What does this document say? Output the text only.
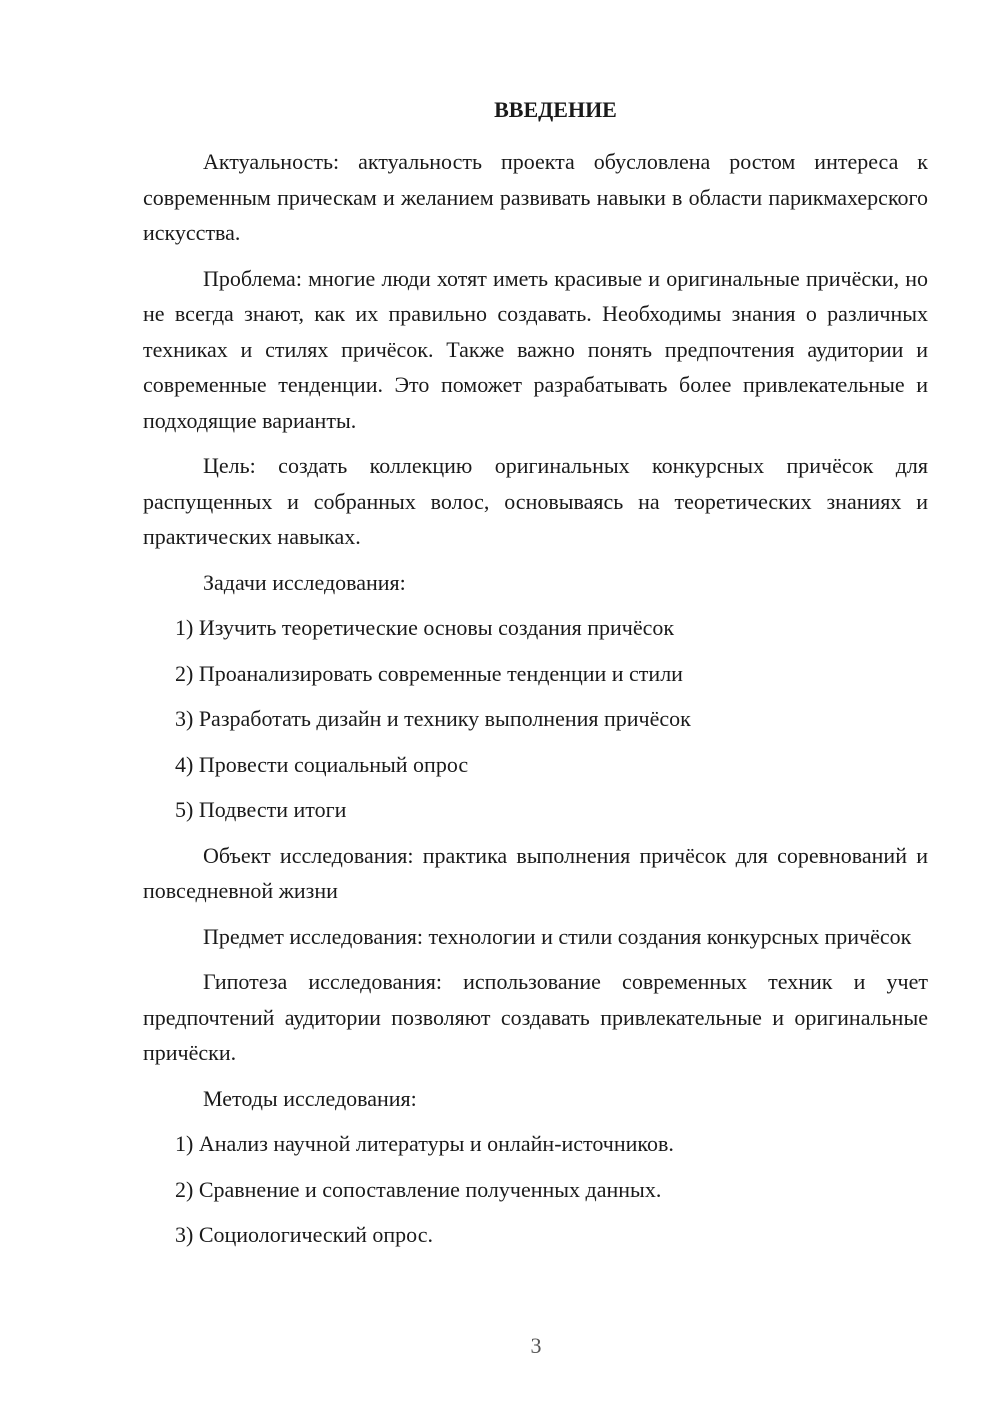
ВВЕДЕНИЕ

Актуальность: актуальность проекта обусловлена ростом интереса к современным прическам и желанием развивать навыки в области парикмахерского искусства.

Проблема: многие люди хотят иметь красивые и оригинальные причёски, но не всегда знают, как их правильно создавать. Необходимы знания о различных техниках и стилях причёсок. Также важно понять предпочтения аудитории и современные тенденции. Это поможет разрабатывать более привлекательные и подходящие варианты.

Цель: создать коллекцию оригинальных конкурсных причёсок для распущенных и собранных волос, основываясь на теоретических знаниях и практических навыках.

Задачи исследования:

1) Изучить теоретические основы создания причёсок
2) Проанализировать современные тенденции и стили
3) Разработать дизайн и технику выполнения причёсок
4) Провести социальный опрос
5) Подвести итоги

Объект исследования: практика выполнения причёсок для соревнований и повседневной жизни

Предмет исследования: технологии и стили создания конкурсных причёсок

Гипотеза исследования: использование современных техник и учет предпочтений аудитории позволяют создавать привлекательные и оригинальные причёски.

Методы исследования:

1) Анализ научной литературы и онлайн-источников.
2) Сравнение и сопоставление полученных данных.
3) Социологический опрос.
3
